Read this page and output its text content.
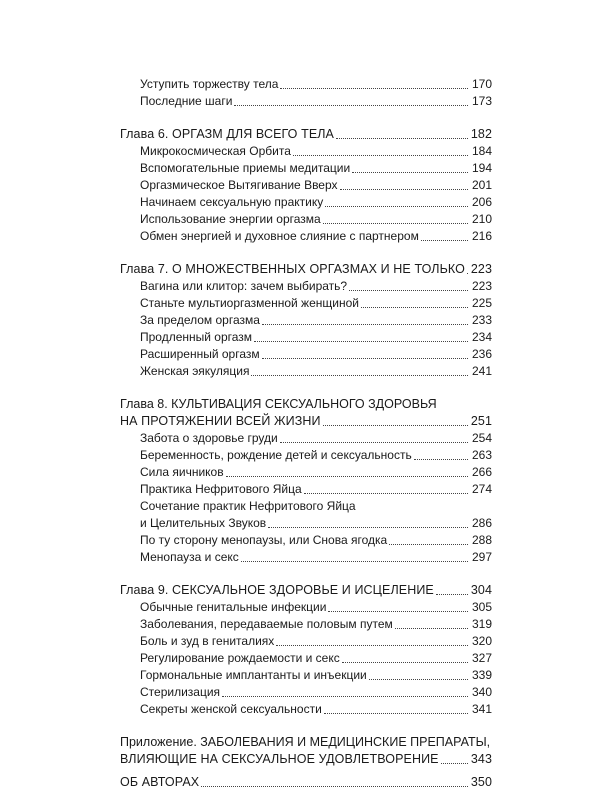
Уступить торжеству тела	170
Последние шаги	173
Глава 6. ОРГАЗМ ДЛЯ ВСЕГО ТЕЛА	182
Микрокосмическая Орбита	184
Вспомогательные приемы медитации	194
Оргазмическое Вытягивание Вверх	201
Начинаем сексуальную практику	206
Использование энергии оргазма	210
Обмен энергией и духовное слияние с партнером	216
Глава 7. О МНОЖЕСТВЕННЫХ ОРГАЗМАХ И НЕ ТОЛЬКО 223
Вагина или клитор: зачем выбирать?	223
Станьте мультиоргазменной женщиной	225
За пределом оргазма	233
Продленный оргазм	234
Расширенный оргазм	236
Женская эякуляция	241
Глава 8. КУЛЬТИВАЦИЯ СЕКСУАЛЬНОГО ЗДОРОВЬЯ
НА ПРОТЯЖЕНИИ ВСЕЙ ЖИЗНИ	251
Забота о здоровье груди	254
Беременность, рождение детей и сексуальность	263
Сила яичников	266
Практика Нефритового Яйца	274
Сочетание практик Нефритового Яйца
и Целительных Звуков	286
По ту сторону менопаузы, или Снова ягодка	288
Менопауза и секс	297
Глава 9. СЕКСУАЛЬНОЕ ЗДОРОВЬЕ И ИСЦЕЛЕНИЕ	304
Обычные генитальные инфекции	305
Заболевания, передаваемые половым путем	319
Боль и зуд в гениталиях	320
Регулирование рождаемости и секс	327
Гормональные имплантанты и инъекции	339
Стерилизация	340
Секреты женской сексуальности	341
Приложение. ЗАБОЛЕВАНИЯ И МЕДИЦИНСКИЕ ПРЕПАРАТЫ,
ВЛИЯЮЩИЕ НА СЕКСУАЛЬНОЕ УДОВЛЕТВОРЕНИЕ	343
ОБ АВТОРАХ	350
